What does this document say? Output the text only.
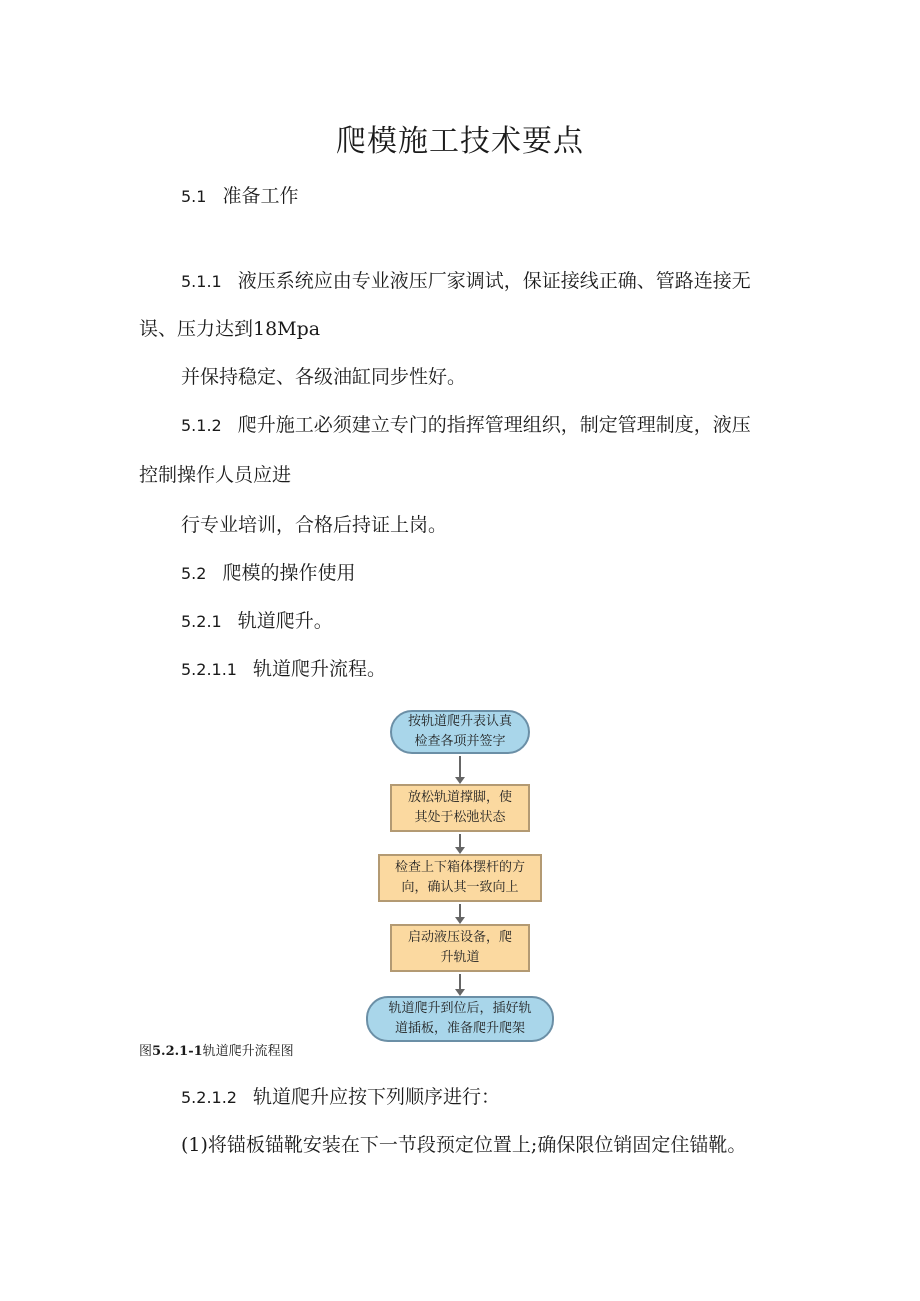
爬模施工技术要点

5.1 准备工作

5.1.1 液压系统应由专业液压厂家调试，保证接线正确、管路连接无

误、压力达到18Mpa

并保持稳定、各级油缸同步性好。

5.1.2 爬升施工必须建立专门的指挥管理组织，制定管理制度，液压

控制操作人员应进

行专业培训，合格后持证上岗。

5.2 爬模的操作使用

5.2.1 轨道爬升。

5.2.1.1 轨道爬升流程。

按轨道爬升表认真
检查各项并签字
放松轨道撑脚，使
其处于松弛状态
检查上下箱体摆杆的方
向，确认其一致向上
启动液压设备，爬
升轨道
轨道爬升到位后，插好轨
道插板，准备爬升爬架
图5.2.1-1轨道爬升流程图

5.2.1.2 轨道爬升应按下列顺序进行：

(1)将锚板锚靴安装在下一节段预定位置上;确保限位销固定住锚靴。
